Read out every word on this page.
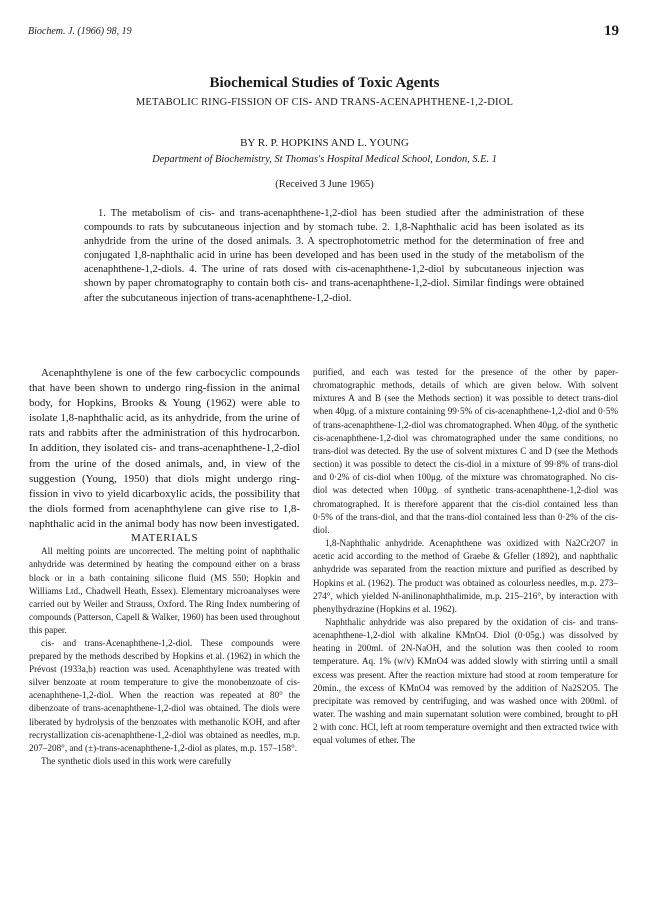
Biochem. J. (1966) 98, 19	19
Biochemical Studies of Toxic Agents
METABOLIC RING-FISSION OF CIS- AND TRANS-ACENAPHTHENE-1,2-DIOL
BY R. P. HOPKINS AND L. YOUNG
Department of Biochemistry, St Thomas's Hospital Medical School, London, S.E. 1
(Received 3 June 1965)

1. The metabolism of cis- and trans-acenaphthene-1,2-diol has been studied after the administration of these compounds to rats by subcutaneous injection and by stomach tube. 2. 1,8-Naphthalic acid has been isolated as its anhydride from the urine of the dosed animals. 3. A spectrophotometric method for the determination of free and conjugated 1,8-naphthalic acid in urine has been developed and has been used in the study of the metabolism of the acenaphthene-1,2-diols. 4. The urine of rats dosed with cis-acenaphthene-1,2-diol by subcutaneous injection was shown by paper chromatography to contain both cis- and trans-acenaphthene-1,2-diol. Similar findings were obtained after the subcutaneous injection of trans-acenaphthene-1,2-diol.

Acenaphthylene is one of the few carbocyclic compounds that have been shown to undergo ring-fission in the animal body, for Hopkins, Brooks & Young (1962) were able to isolate 1,8-naphthalic acid, as its anhydride, from the urine of rats and rabbits after the administration of this hydrocarbon. In addition, they isolated cis- and trans-acenaphthene-1,2-diol from the urine of the dosed animals, and, in view of the suggestion (Young, 1950) that diols might undergo ring-fission in vivo to yield dicarboxylic acids, the possibility that the diols formed from acenaphthylene can give rise to 1,8-naphthalic acid in the animal body has now been investigated.

MATERIALS

All melting points are uncorrected. The melting point of naphthalic anhydride was determined by heating the compound either on a brass block or in a bath containing silicone fluid (MS 550; Hopkin and Williams Ltd., Chadwell Heath, Essex). Elementary microanalyses were carried out by Weiler and Strauss, Oxford. The Ring Index numbering of compounds (Patterson, Capell & Walker, 1960) has been used throughout this paper.

cis- and trans-Acenaphthene-1,2-diol. These compounds were prepared by the methods described by Hopkins et al. (1962) in which the Prévost (1933a,b) reaction was used. Acenaphthylene was treated with silver benzoate at room temperature to give the monobenzoate of cis-acenaphthene-1,2-diol. When the reaction was repeated at 80° the dibenzoate of trans-acenaphthene-1,2-diol was obtained. The diols were liberated by hydrolysis of the benzoates with methanolic KOH, and after recrystallization cis-acenaphthene-1,2-diol was obtained as needles, m.p. 207–208°, and (±)-trans-acenaphthene-1,2-diol as plates, m.p. 157–158°.

The synthetic diols used in this work were carefully

purified, and each was tested for the presence of the other by paper-chromatographic methods, details of which are given below. With solvent mixtures A and B (see the Methods section) it was possible to detect trans-diol when 40μg. of a mixture containing 99·5% of cis-acenaphthene-1,2-diol and 0·5% of trans-acenaphthene-1,2-diol was chromatographed. When 40μg. of the synthetic cis-acenaphthene-1,2-diol was chromatographed under the same conditions, no trans-diol was detected. By the use of solvent mixtures C and D (see the Methods section) it was possible to detect the cis-diol in a mixture of 99·8% of trans-diol and 0·2% of cis-diol when 100μg. of the mixture was chromatographed. No cis-diol was detected when 100μg. of synthetic trans-acenaphthene-1,2-diol was chromatographed. It is therefore apparent that the cis-diol contained less than 0·5% of the trans-diol, and that the trans-diol contained less than 0·2% of the cis-diol.

1,8-Naphthalic anhydride. Acenaphthene was oxidized with Na2Cr2O7 in acetic acid according to the method of Graebe & Gfeller (1892), and naphthalic anhydride was separated from the reaction mixture and purified as described by Hopkins et al. (1962). The product was obtained as colourless needles, m.p. 273–274°, which yielded N-anilinonaphthalimide, m.p. 215–216°, by interaction with phenylhydrazine (Hopkins et al. 1962).

Naphthalic anhydride was also prepared by the oxidation of cis- and trans-acenaphthene-1,2-diol with alkaline KMnO4. Diol (0·05g.) was dissolved by heating in 200ml. of 2N-NaOH, and the solution was then cooled to room temperature. Aq. 1% (w/v) KMnO4 was added slowly with stirring until a small excess was present. After the reaction mixture had stood at room temperature for 20min., the excess of KMnO4 was removed by the addition of Na2S2O5. The precipitate was removed by centrifuging, and was washed once with 200ml. of water. The washing and main supernatant solution were combined, brought to pH 2 with conc. HCl, left at room temperature overnight and then extracted twice with equal volumes of ether. The
